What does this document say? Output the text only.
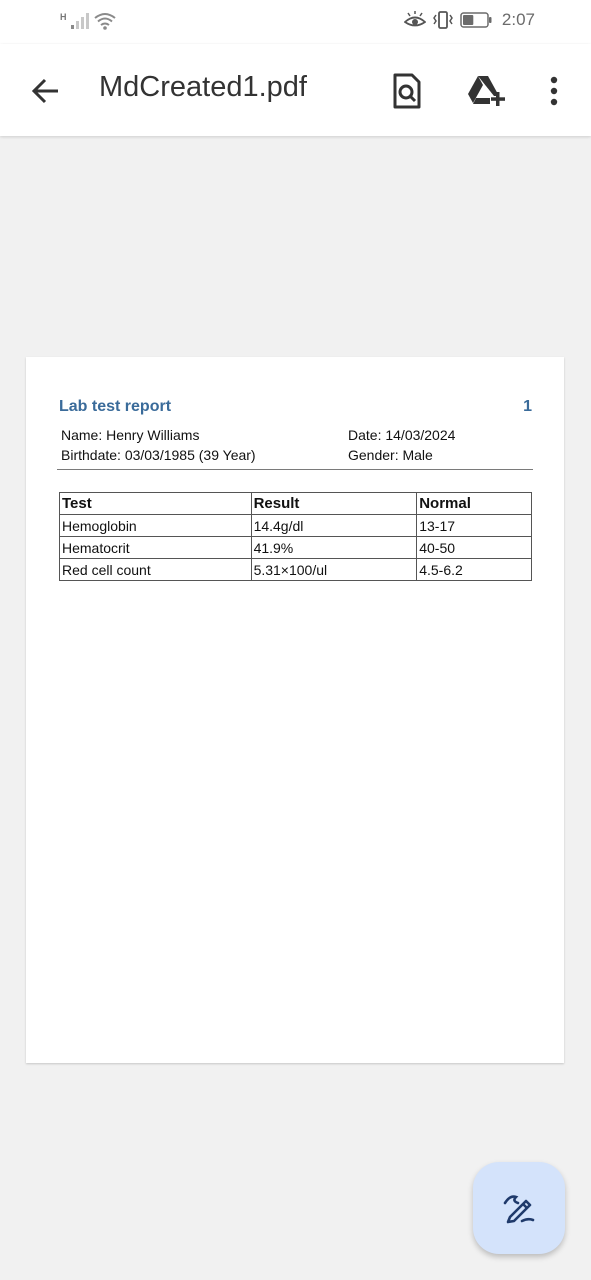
H	2:07
MdCreated1.pdf
Lab test report	1
Name: Henry Williams
Birthdate: 03/03/1985 (39 Year)
Date: 14/03/2024
Gender: Male
Test	Result	Normal
Hemoglobin	14.4g/dl	13-17
Hematocrit	41.9%	40-50
Red cell count	5.31×100/ul	4.5-6.2
